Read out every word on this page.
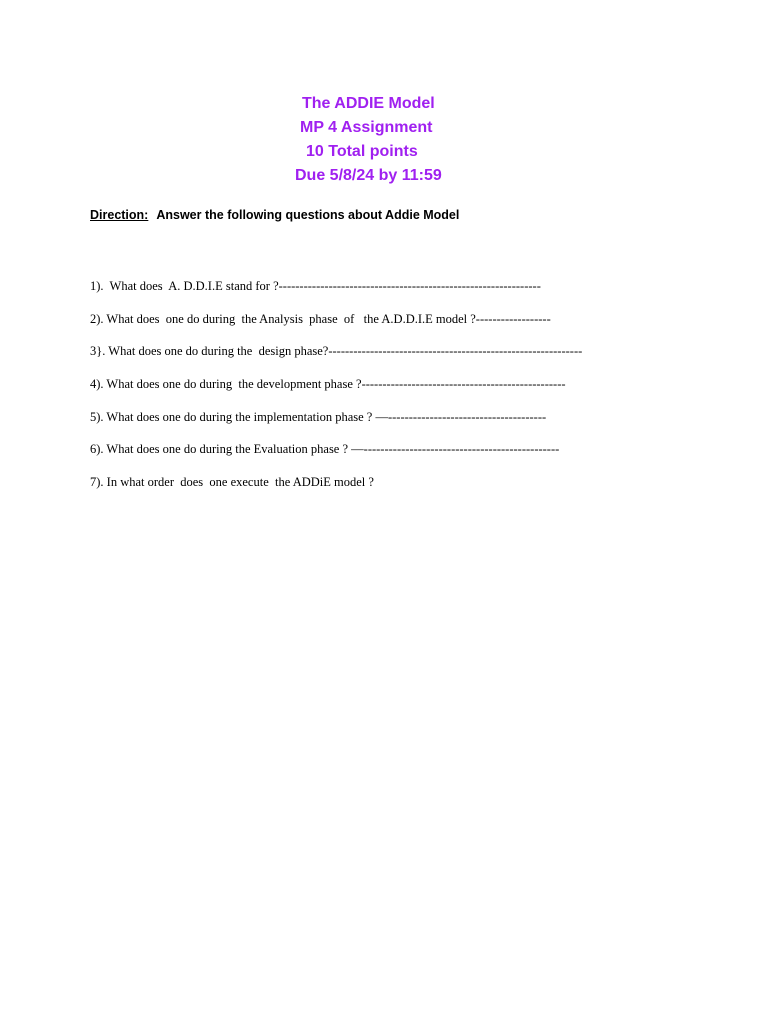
The ADDIE Model
MP 4 Assignment
10 Total points
Due 5/8/24 by 11:59

Direction: Answer the following questions about Addie Model

1).  What does  A. D.D.I.E stand for ?---------------------------------------------------------------

2). What does  one do during  the Analysis  phase  of   the A.D.D.I.E model ?------------------

3}. What does one do during the  design phase?-------------------------------------------------------------

4). What does one do during  the development phase ?-------------------------------------------------

5). What does one do during the implementation phase ? —--------------------------------------

6). What does one do during the Evaluation phase ? —-----------------------------------------------

7). In what order  does  one execute  the ADDiE model ?
